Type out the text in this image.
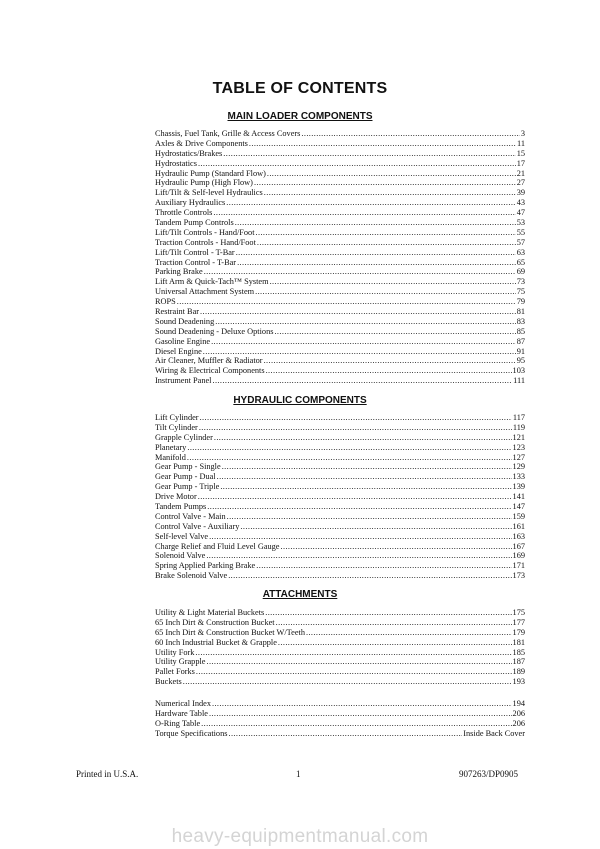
TABLE OF CONTENTS
MAIN LOADER COMPONENTS
Chassis, Fuel Tank, Grille & Access Covers .....	3
Axles & Drive Components .....	11
Hydrostatics/Brakes .....	15
Hydrostatics .....	17
Hydraulic Pump (Standard Flow) .....	21
Hydraulic Pump (High Flow) .....	27
Lift/Tilt & Self-level Hydraulics .....	39
Auxiliary Hydraulics .....	43
Throttle Controls .....	47
Tandem Pump Controls .....	53
Lift/Tilt Controls - Hand/Foot .....	55
Traction Controls - Hand/Foot .....	57
Lift/Tilt Control - T-Bar .....	63
Traction Control - T-Bar .....	65
Parking Brake .....	69
Lift Arm & Quick-Tach™ System .....	73
Universal Attachment System .....	75
ROPS .....	79
Restraint Bar .....	81
Sound Deadening .....	83
Sound Deadening - Deluxe Options .....	85
Gasoline Engine .....	87
Diesel Engine .....	91
Air Cleaner, Muffler & Radiator .....	95
Wiring & Electrical Components .....	103
Instrument Panel .....	111
HYDRAULIC COMPONENTS
Lift Cylinder .....	117
Tilt Cylinder .....	119
Grapple Cylinder .....	121
Planetary .....	123
Manifold .....	127
Gear Pump - Single .....	129
Gear Pump - Dual .....	133
Gear Pump - Triple .....	139
Drive Motor .....	141
Tandem Pumps .....	147
Control Valve - Main .....	159
Control Valve - Auxiliary .....	161
Self-level Valve .....	163
Charge Relief and Fluid Level Gauge .....	167
Solenoid Valve .....	169
Spring Applied Parking Brake .....	171
Brake Solenoid Valve .....	173
ATTACHMENTS
Utility & Light Material Buckets .....	175
65 Inch Dirt & Construction Bucket .....	177
65 Inch Dirt & Construction Bucket W/Teeth .....	179
60 Inch Industrial Bucket & Grapple .....	181
Utility Fork .....	185
Utility Grapple .....	187
Pallet Forks .....	189
Buckets .....	193
Numerical Index .....	194
Hardware Table .....	206
O-Ring Table .....	206
Torque Specifications .....	Inside Back Cover
Printed in U.S.A.	1	907263/DP0905
heavy-equipmentmanual.com
